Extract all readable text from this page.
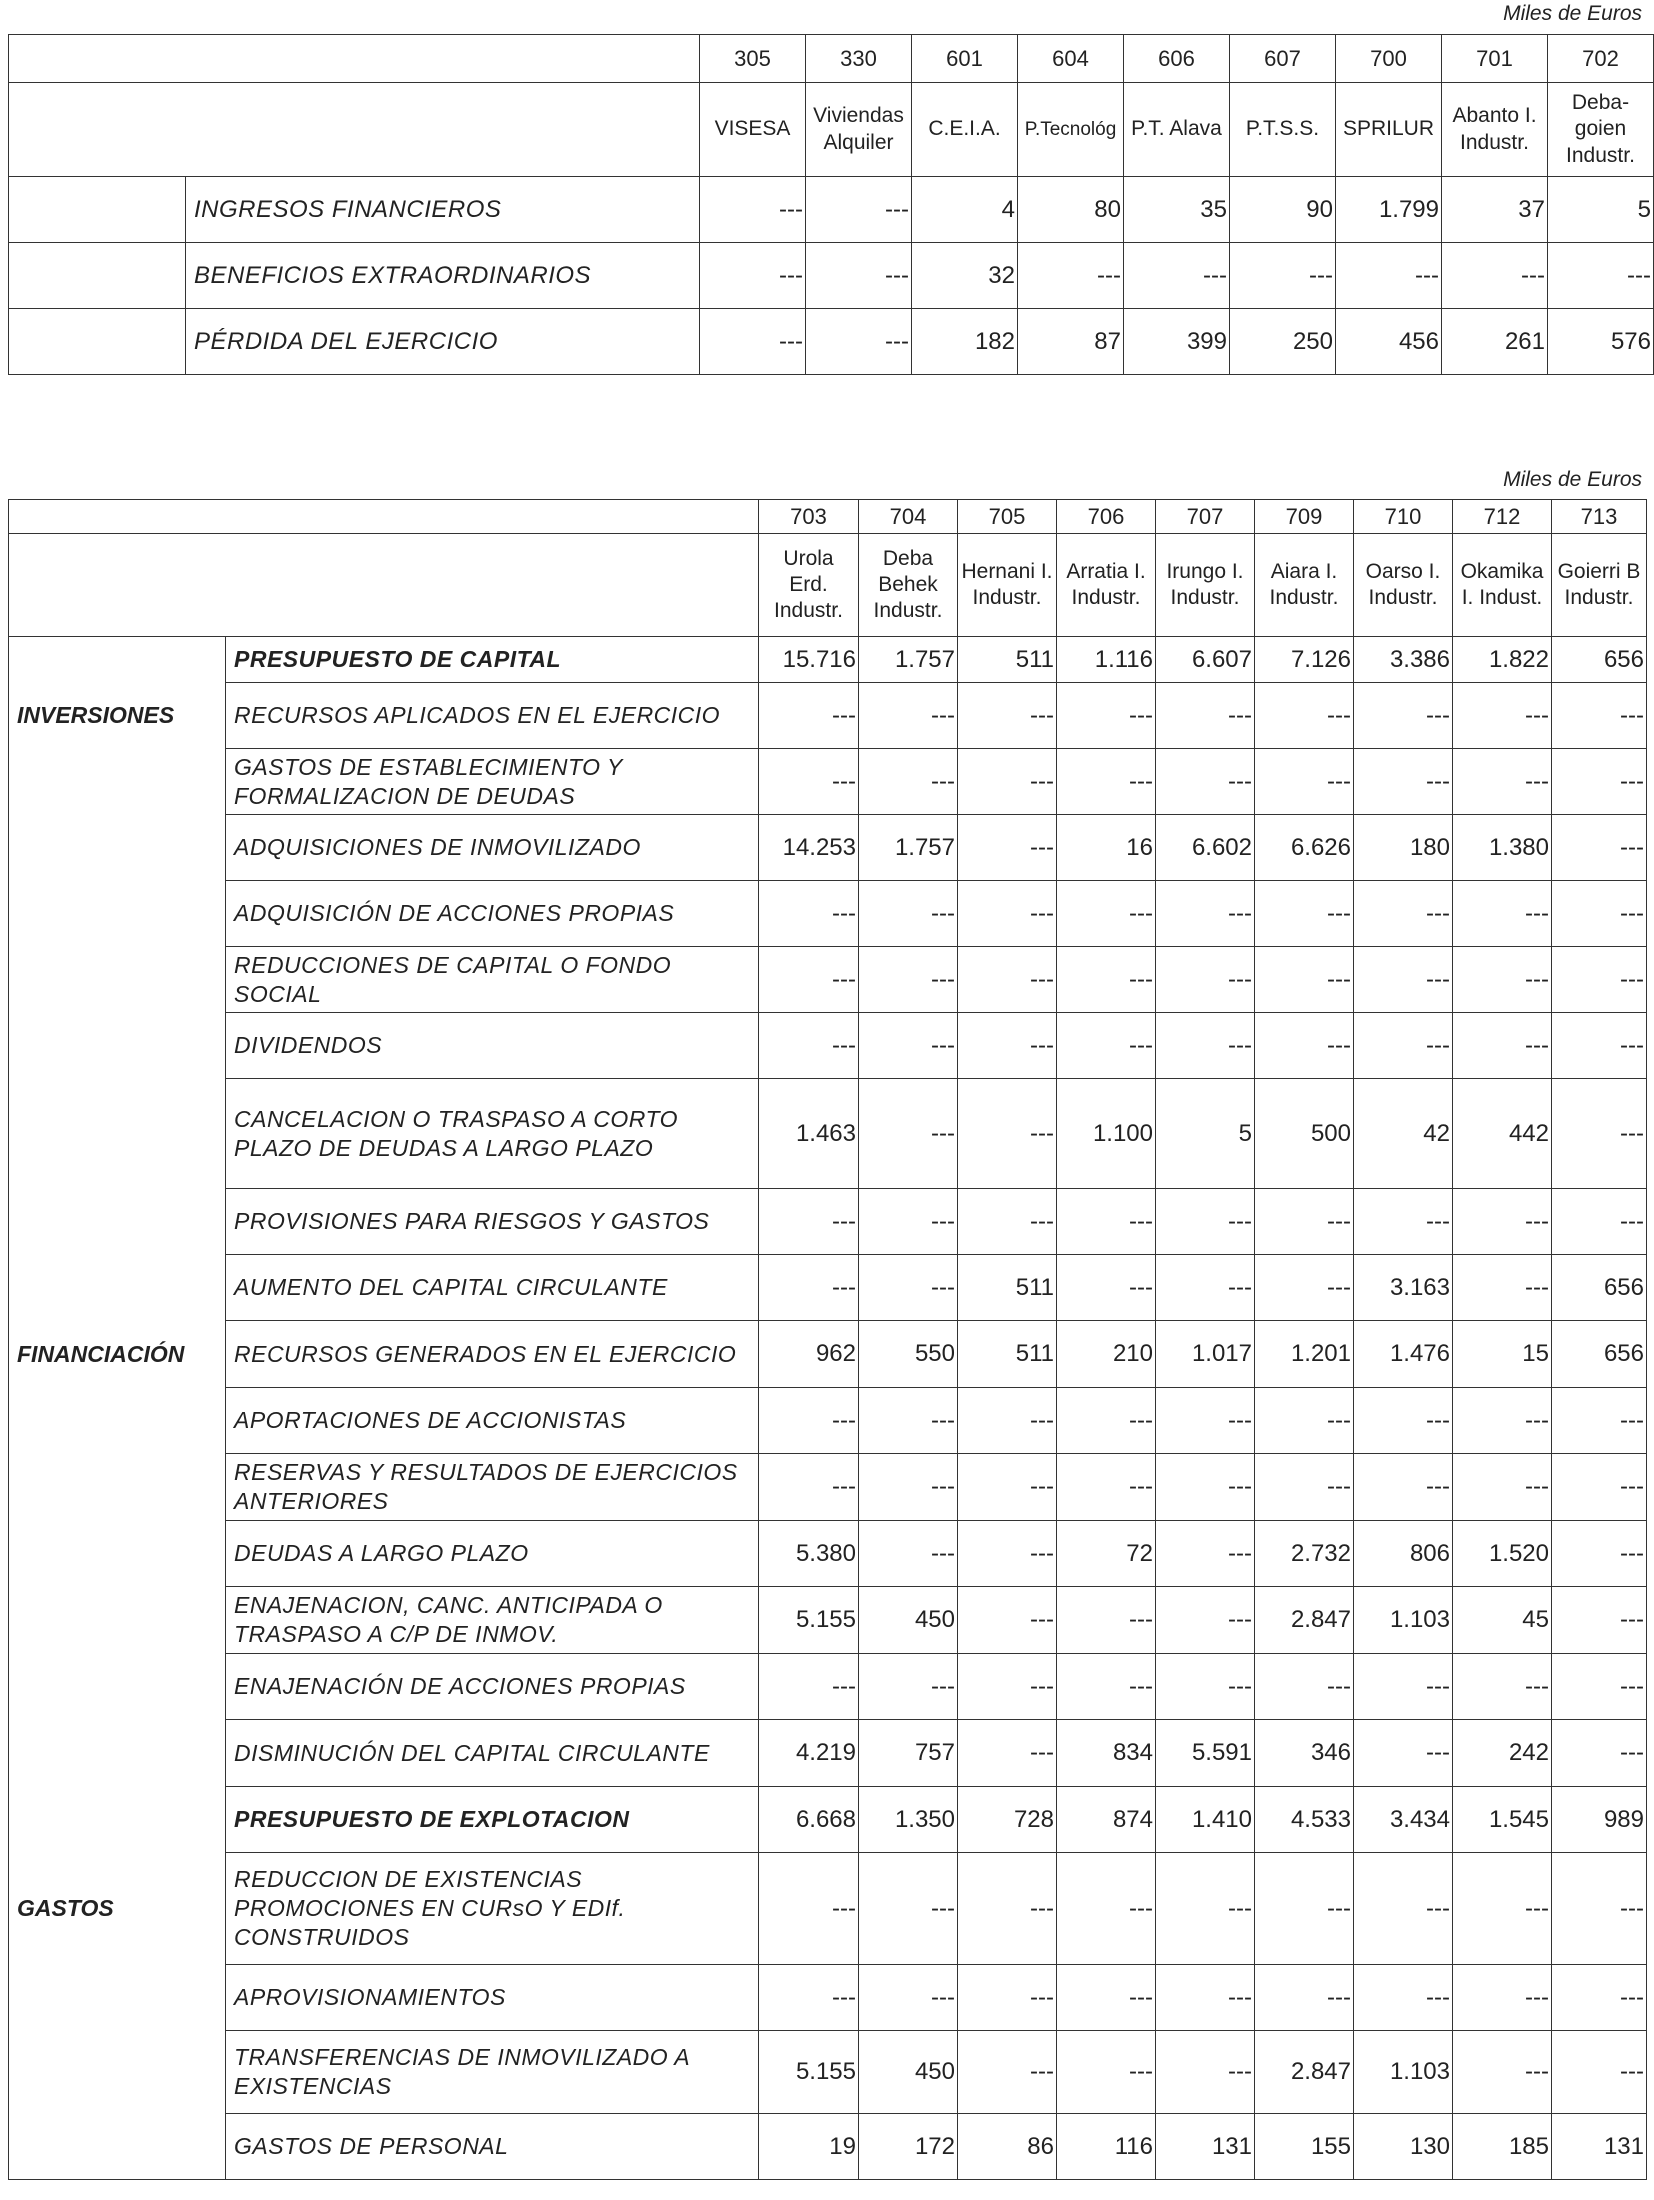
Miles de Euros
		305	330	601	604	606	607	700	701	702
		VISESA	Viviendas Alquiler	C.E.I.A.	P.Tecnológ	P.T. Alava	P.T.S.S.	SPRILUR	Abanto I. Industr.	Deba-goien Industr.
	INGRESOS FINANCIEROS	---	---	4	80	35	90	1.799	37	5
	BENEFICIOS EXTRAORDINARIOS	---	---	32	---	---	---	---	---	---
	PÉRDIDA DEL EJERCICIO	---	---	182	87	399	250	456	261	576
Miles de Euros
		703	704	705	706	707	709	710	712	713
		Urola Erd. Industr.	Deba Behek Industr.	Hernani I. Industr.	Arratia I. Industr.	Irungo I. Industr.	Aiara I. Industr.	Oarso I. Industr.	Okamika I. Indust.	Goierri B Industr.
	PRESUPUESTO DE CAPITAL	15.716	1.757	511	1.116	6.607	7.126	3.386	1.822	656
INVERSIONES	RECURSOS APLICADOS EN EL EJERCICIO	---	---	---	---	---	---	---	---	---
	GASTOS DE ESTABLECIMIENTO Y FORMALIZACION DE DEUDAS	---	---	---	---	---	---	---	---	---
	ADQUISICIONES DE INMOVILIZADO	14.253	1.757	---	16	6.602	6.626	180	1.380	---
	ADQUISICIÓN DE ACCIONES PROPIAS	---	---	---	---	---	---	---	---	---
	REDUCCIONES DE CAPITAL O FONDO SOCIAL	---	---	---	---	---	---	---	---	---
	DIVIDENDOS	---	---	---	---	---	---	---	---	---
	CANCELACION O TRASPASO A CORTO PLAZO DE DEUDAS A LARGO PLAZO	1.463	---	---	1.100	5	500	42	442	---
	PROVISIONES PARA RIESGOS Y GASTOS	---	---	---	---	---	---	---	---	---
	AUMENTO DEL CAPITAL CIRCULANTE	---	---	511	---	---	---	3.163	---	656
FINANCIACIÓN	RECURSOS GENERADOS EN EL EJERCICIO	962	550	511	210	1.017	1.201	1.476	15	656
	APORTACIONES DE ACCIONISTAS	---	---	---	---	---	---	---	---	---
	RESERVAS Y RESULTADOS DE EJERCICIOS ANTERIORES	---	---	---	---	---	---	---	---	---
	DEUDAS A LARGO PLAZO	5.380	---	---	72	---	2.732	806	1.520	---
	ENAJENACION, CANC. ANTICIPADA O TRASPASO A C/P DE INMOV.	5.155	450	---	---	---	2.847	1.103	45	---
	ENAJENACIÓN DE ACCIONES PROPIAS	---	---	---	---	---	---	---	---	---
	DISMINUCIÓN DEL CAPITAL CIRCULANTE	4.219	757	---	834	5.591	346	---	242	---
	PRESUPUESTO DE EXPLOTACION	6.668	1.350	728	874	1.410	4.533	3.434	1.545	989
GASTOS	REDUCCION DE EXISTENCIAS PROMOCIONES EN CURsO Y EDIf. CONSTRUIDOS	---	---	---	---	---	---	---	---	---
	APROVISIONAMIENTOS	---	---	---	---	---	---	---	---	---
	TRANSFERENCIAS DE INMOVILIZADO A EXISTENCIAS	5.155	450	---	---	---	2.847	1.103	---	---
	GASTOS DE PERSONAL	19	172	86	116	131	155	130	185	131
